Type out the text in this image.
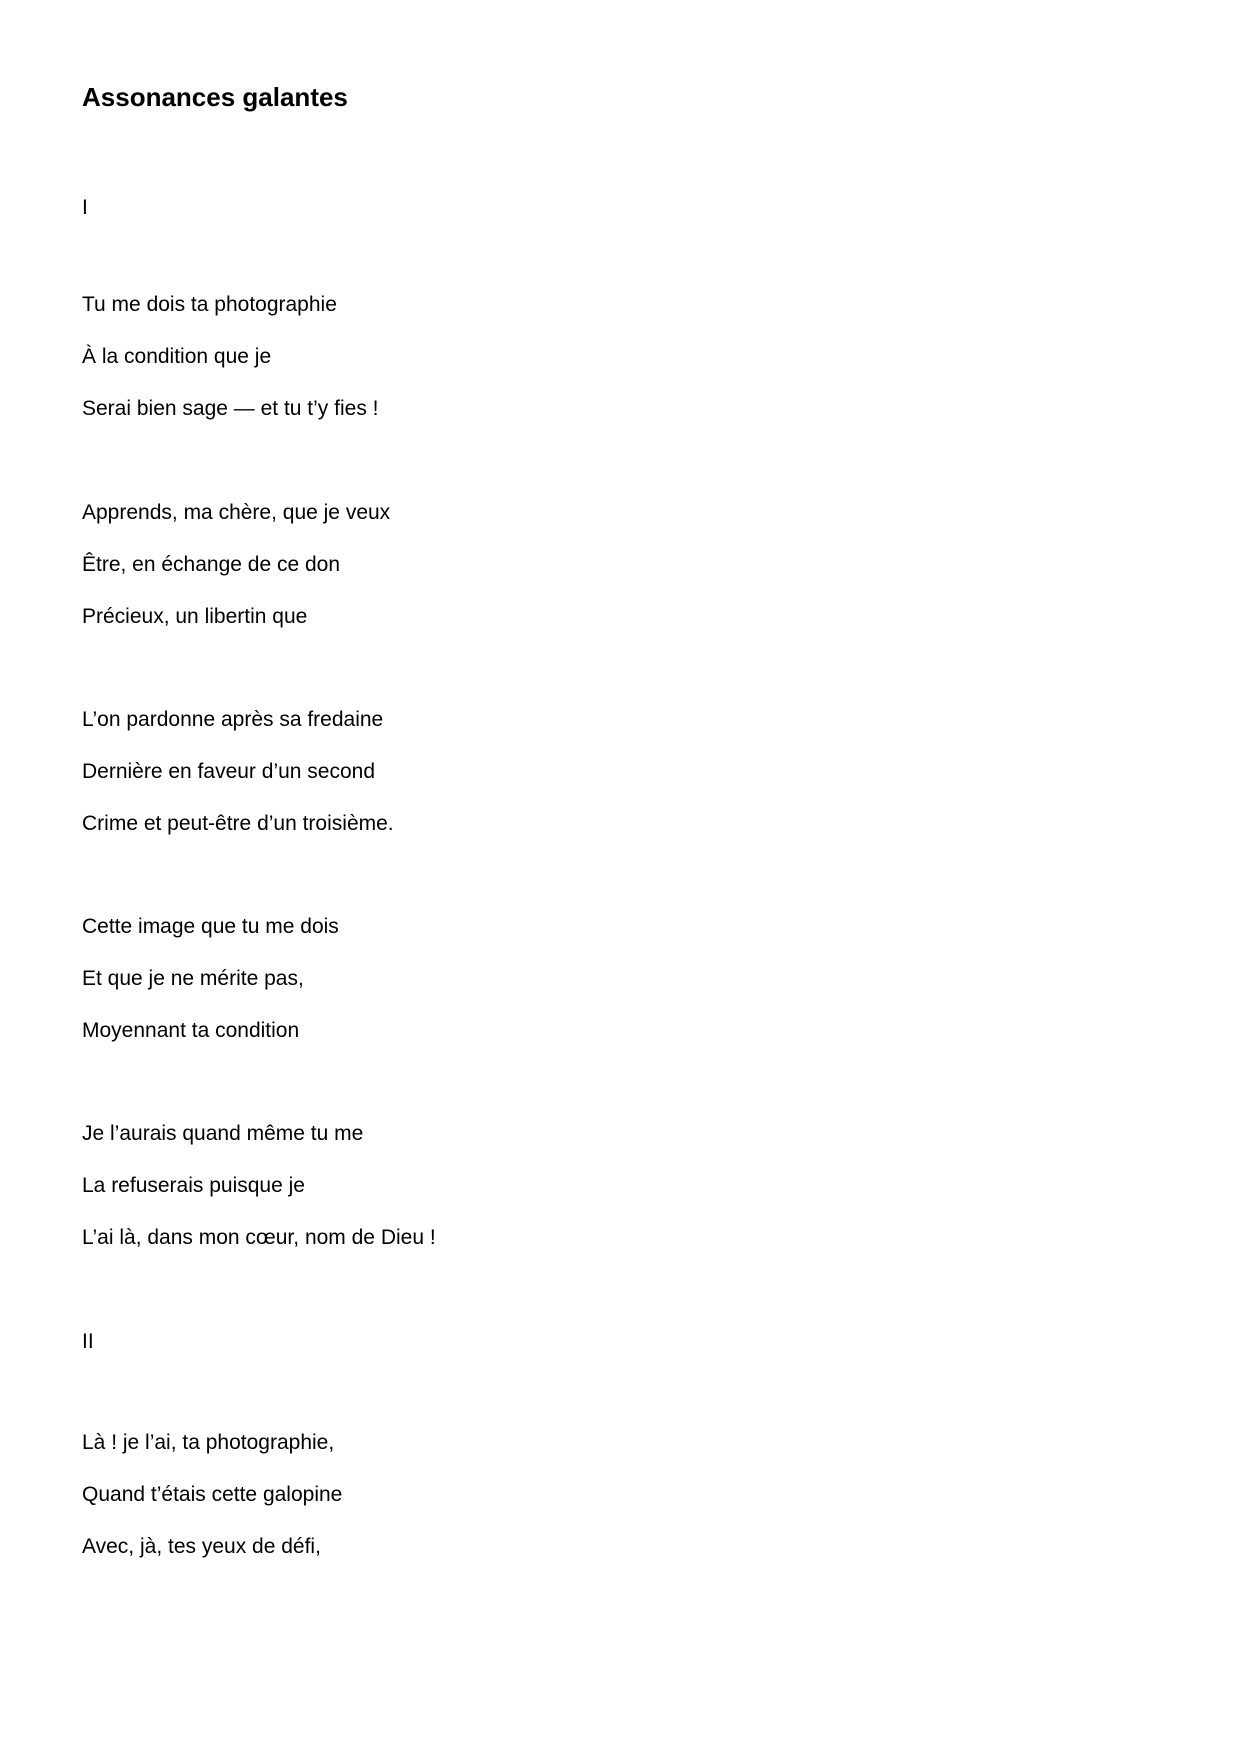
Assonances galantes

I

Tu me dois ta photographie

À la condition que je

Serai bien sage — et tu t’y fies !

Apprends, ma chère, que je veux

Être, en échange de ce don

Précieux, un libertin que

L’on pardonne après sa fredaine

Dernière en faveur d’un second

Crime et peut-être d’un troisième.

Cette image que tu me dois

Et que je ne mérite pas,

Moyennant ta condition

Je l’aurais quand même tu me

La refuserais puisque je

L’ai là, dans mon cœur, nom de Dieu !

II

Là ! je l’ai, ta photographie,

Quand t’étais cette galopine

Avec, jà, tes yeux de défi,
